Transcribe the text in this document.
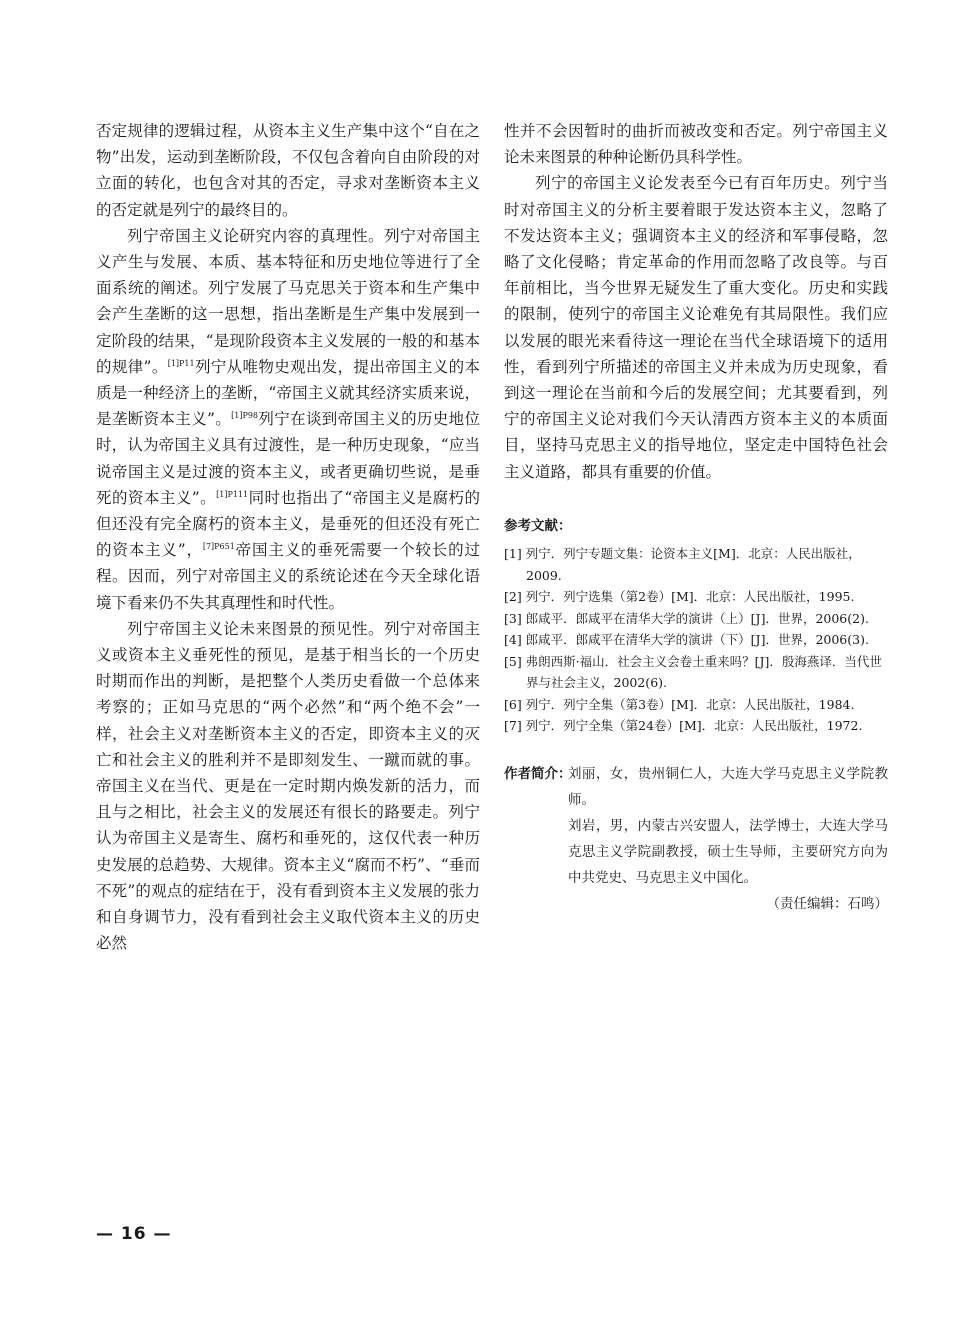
否定规律的逻辑过程，从资本主义生产集中这个“自在之物”出发，运动到垄断阶段，不仅包含着向自由阶段的对立面的转化，也包含对其的否定，寻求对垄断资本主义的否定就是列宁的最终目的。

列宁帝国主义论研究内容的真理性。列宁对帝国主义产生与发展、本质、基本特征和历史地位等进行了全面系统的阐述。列宁发展了马克思关于资本和生产集中会产生垄断的这一思想，指出垄断是生产集中发展到一定阶段的结果，“是现阶段资本主义发展的一般的和基本的规律”。$^{[1]P11}$列宁从唯物史观出发，提出帝国主义的本质是一种经济上的垄断，“帝国主义就其经济实质来说，是垄断资本主义”。$^{[1]P98}$列宁在谈到帝国主义的历史地位时，认为帝国主义具有过渡性，是一种历史现象，“应当说帝国主义是过渡的资本主义，或者更确切些说，是垂死的资本主义”。$^{[1]P111}$同时也指出了“帝国主义是腐朽的但还没有完全腐朽的资本主义，是垂死的但还没有死亡的资本主义”，$^{[7]P651}$帝国主义的垂死需要一个较长的过程。因而，列宁对帝国主义的系统论述在今天全球化语境下看来仍不失其真理性和时代性。

列宁帝国主义论未来图景的预见性。列宁对帝国主义或资本主义垂死性的预见，是基于相当长的一个历史时期而作出的判断，是把整个人类历史看做一个总体来考察的；正如马克思的“两个必然”和“两个绝不会”一样，社会主义对垄断资本主义的否定，即资本主义的灭亡和社会主义的胜利并不是即刻发生、一蹴而就的事。帝国主义在当代、更是在一定时期内焕发新的活力，而且与之相比，社会主义的发展还有很长的路要走。列宁认为帝国主义是寄生、腐朽和垂死的，这仅代表一种历史发展的总趋势、大规律。资本主义“腐而不朽”、“垂而不死”的观点的症结在于，没有看到资本主义发展的张力和自身调节力，没有看到社会主义取代资本主义的历史必然

性并不会因暂时的曲折而被改变和否定。列宁帝国主义论未来图景的种种论断仍具科学性。

列宁的帝国主义论发表至今已有百年历史。列宁当时对帝国主义的分析主要着眼于发达资本主义，忽略了不发达资本主义；强调资本主义的经济和军事侵略，忽略了文化侵略；肯定革命的作用而忽略了改良等。与百年前相比，当今世界无疑发生了重大变化。历史和实践的限制，使列宁的帝国主义论难免有其局限性。我们应以发展的眼光来看待这一理论在当代全球语境下的适用性，看到列宁所描述的帝国主义并未成为历史现象，看到这一理论在当前和今后的发展空间；尤其要看到，列宁的帝国主义论对我们今天认清西方资本主义的本质面目，坚持马克思主义的指导地位，坚定走中国特色社会主义道路，都具有重要的价值。

参考文献：
[1] 列宁．列宁专题文集：论资本主义[M]．北京：人民出版社，2009.
[2] 列宁．列宁选集（第2卷）[M]．北京：人民出版社，1995.
[3] 郎咸平．郎咸平在清华大学的演讲（上）[J]．世界，2006(2).
[4] 郎咸平．郎咸平在清华大学的演讲（下）[J]．世界，2006(3).
[5] 弗朗西斯·福山．社会主义会卷土重来吗？[J]．殷海燕译．当代世界与社会主义，2002(6).
[6] 列宁．列宁全集（第3卷）[M]．北京：人民出版社，1984.
[7] 列宁．列宁全集（第24卷）[M]．北京：人民出版社，1972.
作者简介：
刘丽，女，贵州铜仁人，大连大学马克思主义学院教师。
刘岩，男，内蒙古兴安盟人，法学博士，大连大学马克思主义学院副教授，硕士生导师，主要研究方向为中共党史、马克思主义中国化。
（责任编辑：石鸣）
— 16 —
